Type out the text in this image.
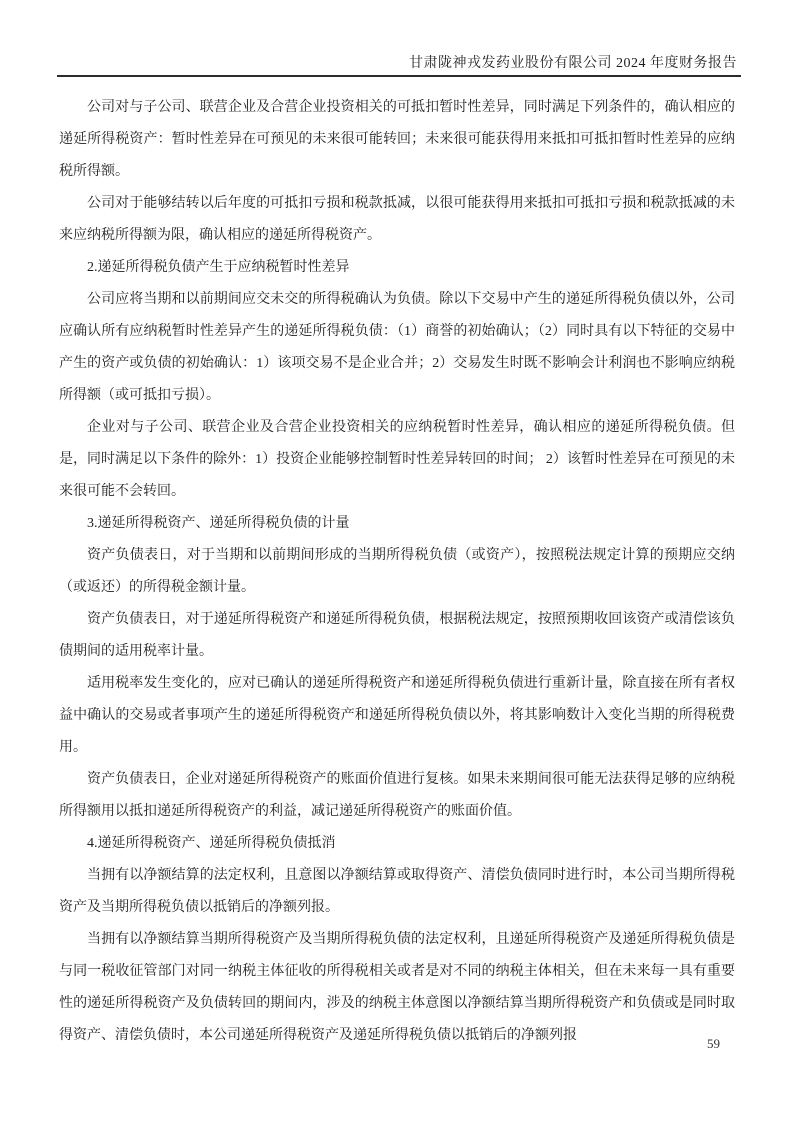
甘肃陇神戎发药业股份有限公司 2024 年度财务报告

公司对与子公司、联营企业及合营企业投资相关的可抵扣暂时性差异，同时满足下列条件的，确认相应的递延所得税资产：暂时性差异在可预见的未来很可能转回；未来很可能获得用来抵扣可抵扣暂时性差异的应纳税所得额。

公司对于能够结转以后年度的可抵扣亏损和税款抵减，以很可能获得用来抵扣可抵扣亏损和税款抵减的未来应纳税所得额为限，确认相应的递延所得税资产。

2.递延所得税负债产生于应纳税暂时性差异

公司应将当期和以前期间应交未交的所得税确认为负债。除以下交易中产生的递延所得税负债以外，公司应确认所有应纳税暂时性差异产生的递延所得税负债：（1）商誉的初始确认；（2）同时具有以下特征的交易中产生的资产或负债的初始确认：1）该项交易不是企业合并；2）交易发生时既不影响会计利润也不影响应纳税所得额（或可抵扣亏损）。

企业对与子公司、联营企业及合营企业投资相关的应纳税暂时性差异，确认相应的递延所得税负债。但是，同时满足以下条件的除外：1）投资企业能够控制暂时性差异转回的时间； 2）该暂时性差异在可预见的未来很可能不会转回。

3.递延所得税资产、递延所得税负债的计量

资产负债表日，对于当期和以前期间形成的当期所得税负债（或资产），按照税法规定计算的预期应交纳（或返还）的所得税金额计量。

资产负债表日，对于递延所得税资产和递延所得税负债，根据税法规定，按照预期收回该资产或清偿该负债期间的适用税率计量。

适用税率发生变化的，应对已确认的递延所得税资产和递延所得税负债进行重新计量，除直接在所有者权益中确认的交易或者事项产生的递延所得税资产和递延所得税负债以外，将其影响数计入变化当期的所得税费用。

资产负债表日，企业对递延所得税资产的账面价值进行复核。如果未来期间很可能无法获得足够的应纳税所得额用以抵扣递延所得税资产的利益，减记递延所得税资产的账面价值。

4.递延所得税资产、递延所得税负债抵消

当拥有以净额结算的法定权利，且意图以净额结算或取得资产、清偿负债同时进行时，本公司当期所得税资产及当期所得税负债以抵销后的净额列报。

当拥有以净额结算当期所得税资产及当期所得税负债的法定权利，且递延所得税资产及递延所得税负债是与同一税收征管部门对同一纳税主体征收的所得税相关或者是对不同的纳税主体相关，但在未来每一具有重要性的递延所得税资产及负债转回的期间内，涉及的纳税主体意图以净额结算当期所得税资产和负债或是同时取得资产、清偿负债时，本公司递延所得税资产及递延所得税负债以抵销后的净额列报

59
